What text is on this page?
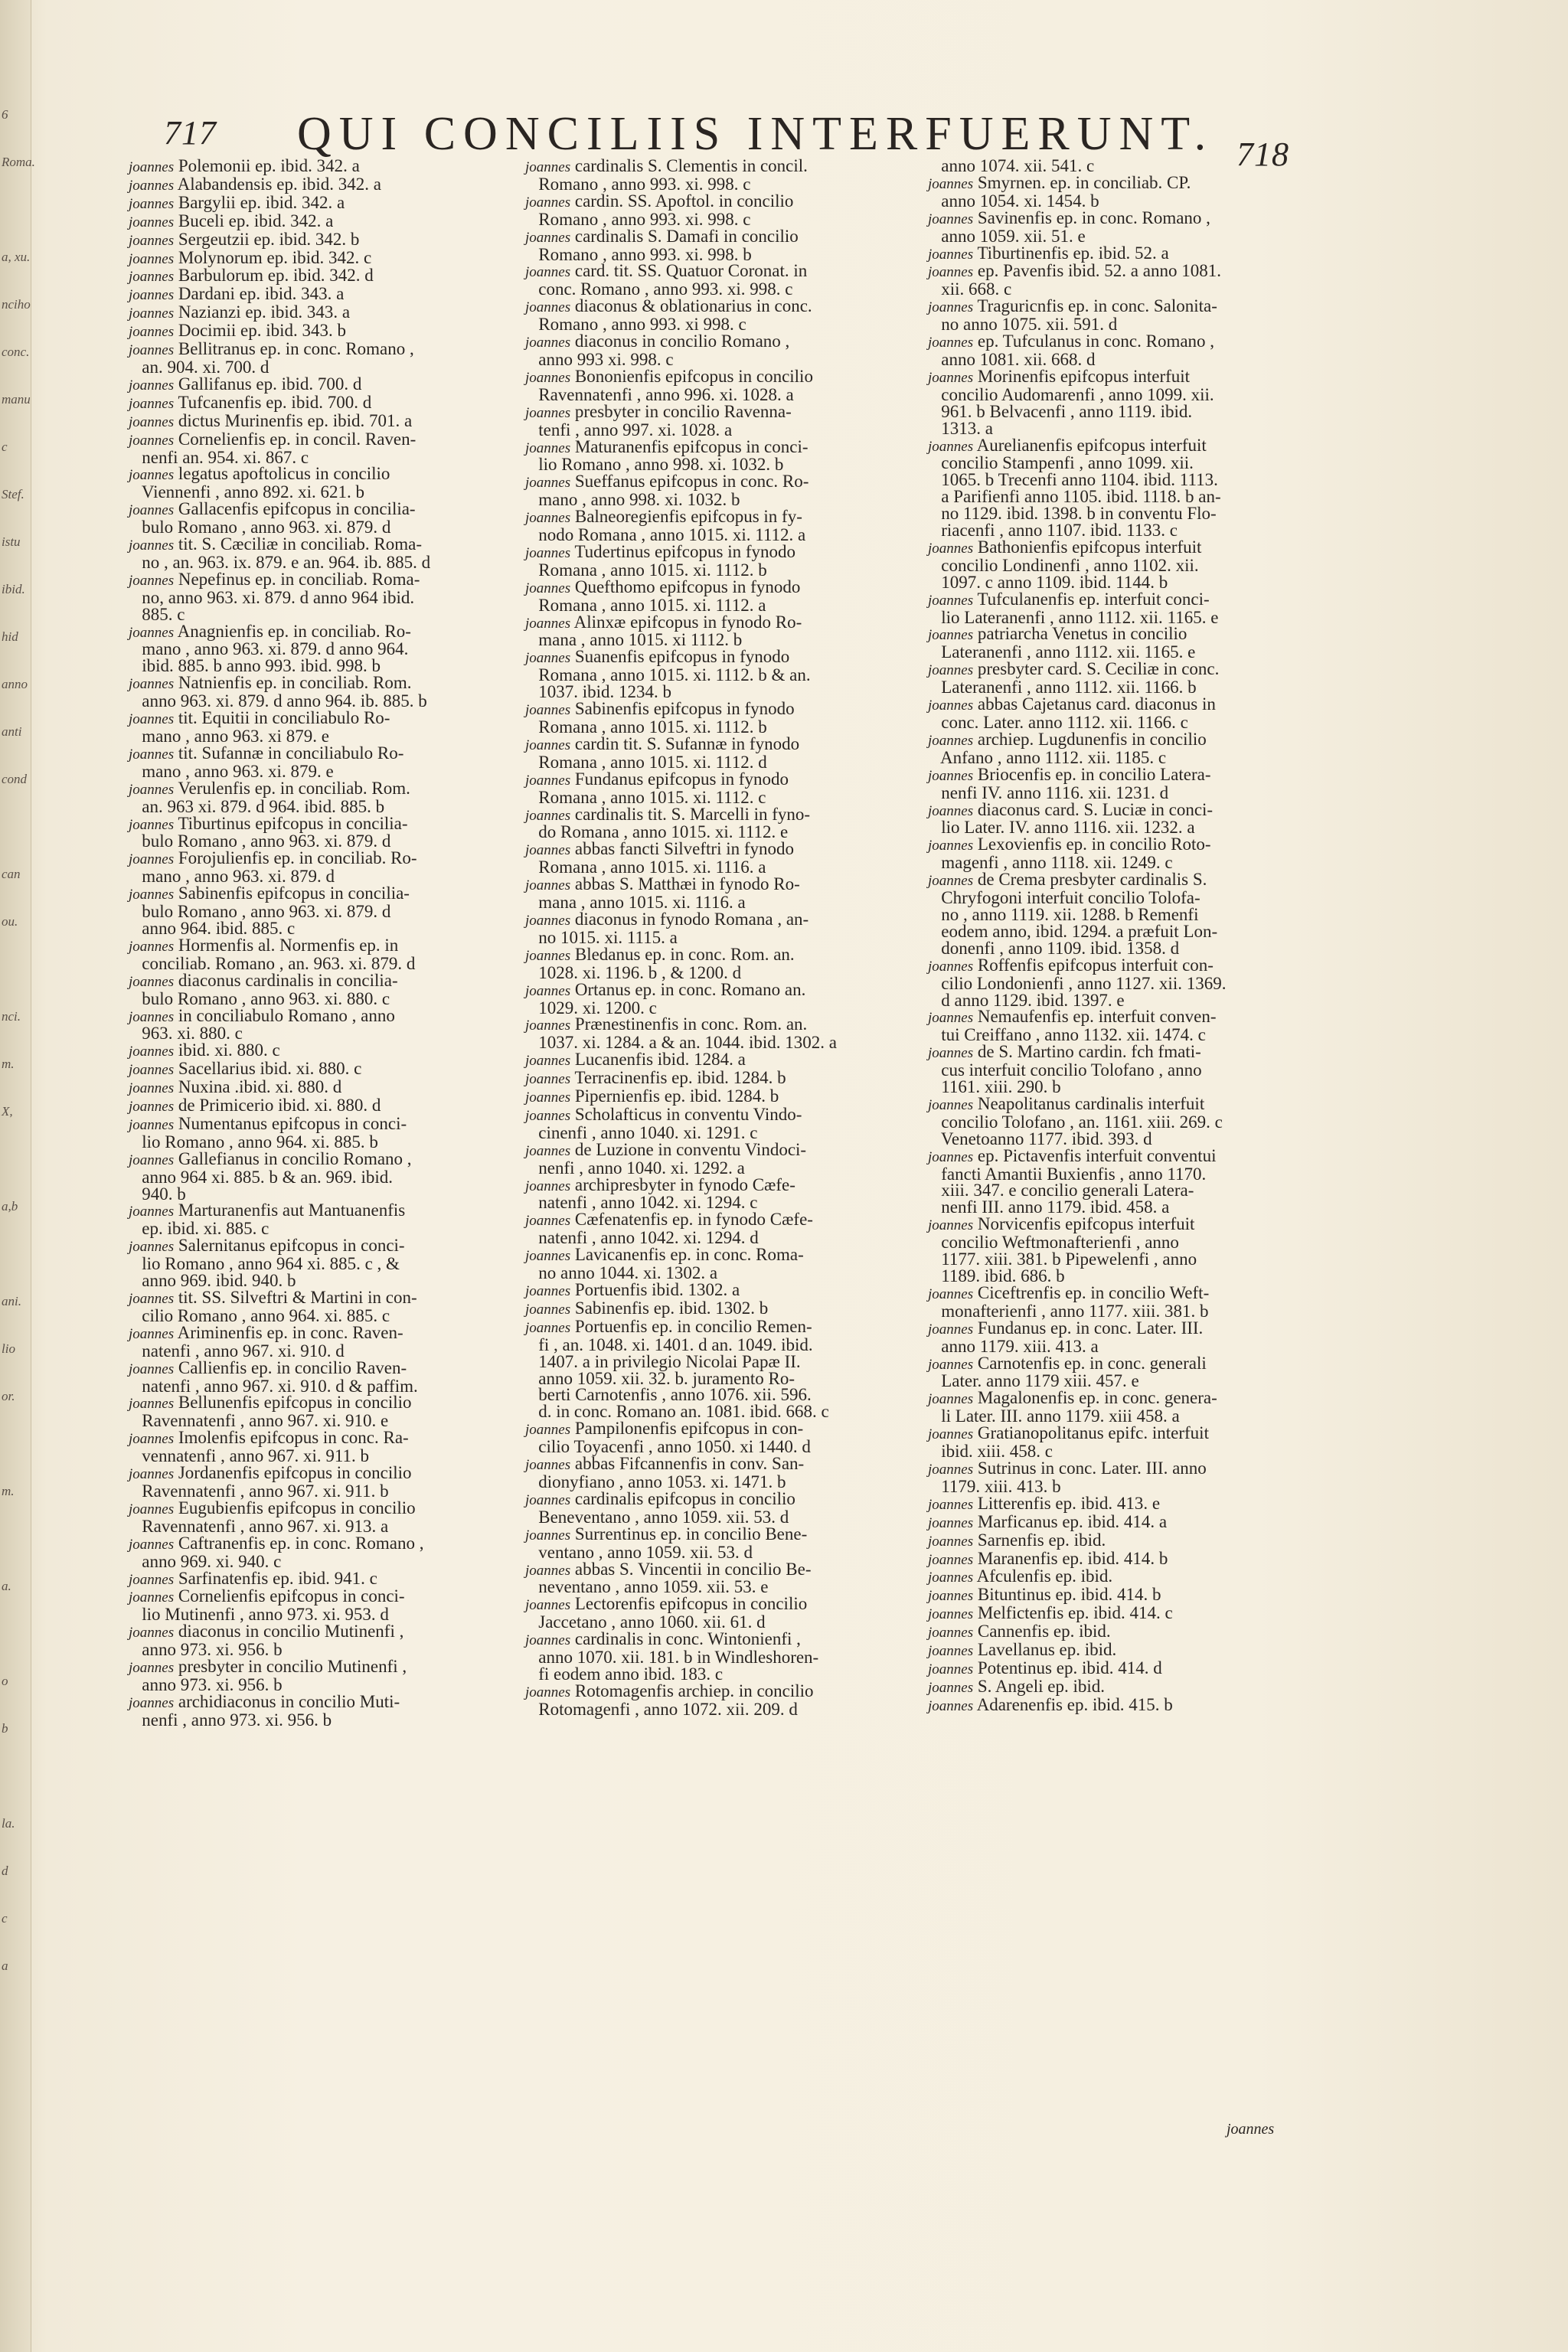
6
Roma.
a, xu.
nciho
conc.
manu
c
Stef.
istu
ibid.
hid
anno
anti
cond
can
ou.
nci.
m.
X,
a,b
ani.
lio
or.
m.
a.
o
b
la.
d
c
a
717 QUI CONCILIIS INTERFUERUNT. 718
joannes Polemonii ep. ibid. 342. a
joannes Alabandensis ep. ibid. 342. a
joannes Bargylii ep. ibid. 342. a
joannes Buceli ep. ibid. 342. a
joannes Sergeutzii ep. ibid. 342. b
joannes Molynorum ep. ibid. 342. c
joannes Barbulorum ep. ibid. 342. d
joannes Dardani ep. ibid. 343. a
joannes Nazianzi ep. ibid. 343. a
joannes Docimii ep. ibid. 343. b
joannes Bellitranus ep. in conc. Romano ,
an. 904. xi. 700. d
joannes Gallifanus ep. ibid. 700. d
joannes Tufcanenfis ep. ibid. 700. d
joannes dictus Murinenfis ep. ibid. 701. a
joannes Cornelienfis ep. in concil. Raven-
nenfi an. 954. xi. 867. c
joannes legatus apoftolicus in concilio
Viennenfi , anno 892. xi. 621. b
joannes Gallacenfis epifcopus in conciliа-
bulo Romano , anno 963. xi. 879. d
joannes tit. S. Cæciliæ in conciliab. Roma-
no , an. 963. ix. 879. e an. 964. ib. 885. d
joannes Nepefinus ep. in conciliab. Roma-
no, anno 963. xi. 879. d anno 964 ibid.
885. c
joannes Anagnienfis ep. in conciliab. Ro-
mano , anno 963. xi. 879. d anno 964.
ibid. 885. b anno 993. ibid. 998. b
joannes Natnienfis ep. in conciliab. Rom.
anno 963. xi. 879. d anno 964. ib. 885. b
joannes tit. Equitii in conciliabulo Ro-
mano , anno 963. xi 879. e
joannes tit. Sufannæ in conciliabulo Ro-
mano , anno 963. xi. 879. e
joannes Verulenfis ep. in conciliab. Rom.
an. 963 xi. 879. d 964. ibid. 885. b
joannes Tiburtinus epifcopus in concilia-
bulo Romano , anno 963. xi. 879. d
joannes Forojulienfis ep. in conciliab. Ro-
mano , anno 963. xi. 879. d
joannes Sabinenfis epifcopus in concilia-
bulo Romano , anno 963. xi. 879. d
anno 964. ibid. 885. c
joannes Hormenfis al. Normenfis ep. in
conciliab. Romano , an. 963. xi. 879. d
joannes diaconus cardinalis in concilia-
bulo Romano , anno 963. xi. 880. c
joannes in conciliabulo Romano , anno
963. xi. 880. c
joannes ibid. xi. 880. c
joannes Sacellarius ibid. xi. 880. c
joannes Nuxina .ibid. xi. 880. d
joannes de Primicerio ibid. xi. 880. d
joannes Numentanus epifcopus in conci-
lio Romano , anno 964. xi. 885. b
joannes Gallefianus in concilio Romano ,
anno 964 xi. 885. b & an. 969. ibid.
940. b
joannes Marturanenfis aut Mantuanenfis
ep. ibid. xi. 885. c
joannes Salernitanus epifcopus in conci-
lio Romano , anno 964 xi. 885. c , &
anno 969. ibid. 940. b
joannes tit. SS. Silveftri & Martini in con-
cilio Romano , anno 964. xi. 885. c
joannes Ariminenfis ep. in conc. Raven-
natenfi , anno 967. xi. 910. d
joannes Callienfis ep. in concilio Raven-
natenfi , anno 967. xi. 910. d & paffim.
joannes Bellunenfis epifcopus in concilio
Ravennatenfi , anno 967. xi. 910. e
joannes Imolenfis epifcopus in conc. Ra-
vennatenfi , anno 967. xi. 911. b
joannes Jordanenfis epifcopus in concilio
Ravennatenfi , anno 967. xi. 911. b
joannes Eugubienfis epifcopus in concilio
Ravennatenfi , anno 967. xi. 913. a
joannes Caftranenfis ep. in conc. Romano ,
anno 969. xi. 940. c
joannes Sarfinatenfis ep. ibid. 941. c
joannes Cornelienfis epifcopus in conci-
lio Mutinenfi , anno 973. xi. 953. d
joannes diaconus in concilio Mutinenfi ,
anno 973. xi. 956. b
joannes presbyter in concilio Mutinenfi ,
anno 973. xi. 956. b
joannes archidiaconus in concilio Muti-
nenfi , anno 973. xi. 956. b
joannes cardinalis S. Clementis in concil.
Romano , anno 993. xi. 998. c
joannes cardin. SS. Apoftol. in concilio
Romano , anno 993. xi. 998. c
joannes cardinalis S. Damafi in concilio
Romano , anno 993. xi. 998. b
joannes card. tit. SS. Quatuor Coronat. in
conc. Romano , anno 993. xi. 998. c
joannes diaconus & oblationarius in conc.
Romano , anno 993. xi 998. c
joannes diaconus in concilio Romano ,
anno 993 xi. 998. c
joannes Bononienfis epifcopus in concilio
Ravennatenfi , anno 996. xi. 1028. a
joannes presbyter in concilio Ravenna-
tenfi , anno 997. xi. 1028. a
joannes Maturanenfis epifcopus in conci-
lio Romano , anno 998. xi. 1032. b
joannes Sueffanus epifcopus in conc. Ro-
mano , anno 998. xi. 1032. b
joannes Balneoregienfis epifcopus in fy-
nodo Romana , anno 1015. xi. 1112. a
joannes Tudertinus epifcopus in fynodo
Romana , anno 1015. xi. 1112. b
joannes Quefthomo epifcopus in fynodo
Romana , anno 1015. xi. 1112. a
joannes Alinxæ epifcopus in fynodo Ro-
mana , anno 1015. xi 1112. b
joannes Suanenfis epifcopus in fynodo
Romana , anno 1015. xi. 1112. b & an.
1037. ibid. 1234. b
joannes Sabinenfis epifcopus in fynodo
Romana , anno 1015. xi. 1112. b
joannes cardin tit. S. Sufannæ in fynodo
Romana , anno 1015. xi. 1112. d
joannes Fundanus epifcopus in fynodo
Romana , anno 1015. xi. 1112. c
joannes cardinalis tit. S. Marcelli in fyno-
do Romana , anno 1015. xi. 1112. e
joannes abbas fancti Silveftri in fynodo
Romana , anno 1015. xi. 1116. a
joannes abbas S. Matthæi in fynodo Ro-
mana , anno 1015. xi. 1116. a
joannes diaconus in fynodo Romana , an-
no 1015. xi. 1115. a
joannes Bledanus ep. in conc. Rom. an.
1028. xi. 1196. b , & 1200. d
joannes Ortanus ep. in conc. Romano an.
1029. xi. 1200. c
joannes Prænestinenfis in conc. Rom. an.
1037. xi. 1284. a & an. 1044. ibid. 1302. a
joannes Lucanenfis ibid. 1284. a
joannes Terracinenfis ep. ibid. 1284. b
joannes Pipernienfis ep. ibid. 1284. b
joannes Scholafticus in conventu Vindo-
cinenfi , anno 1040. xi. 1291. c
joannes de Luzione in conventu Vindoci-
nenfi , anno 1040. xi. 1292. a
joannes archipresbyter in fynodo Cæfe-
natenfi , anno 1042. xi. 1294. c
joannes Cæfenatenfis ep. in fynodo Cæfe-
natenfi , anno 1042. xi. 1294. d
joannes Lavicanenfis ep. in conc. Roma-
no anno 1044. xi. 1302. a
joannes Portuenfis ibid. 1302. a
joannes Sabinenfis ep. ibid. 1302. b
joannes Portuenfis ep. in concilio Remen-
fi , an. 1048. xi. 1401. d an. 1049. ibid.
1407. a in privilegio Nicolai Papæ II.
anno 1059. xii. 32. b. juramento Ro-
berti Carnotenfis , anno 1076. xii. 596.
d. in conc. Romano an. 1081. ibid. 668. c
joannes Pampilonenfis epifcopus in con-
cilio Toyacenfi , anno 1050. xi 1440. d
joannes abbas Fifcannenfis in conv. San-
dionyfiano , anno 1053. xi. 1471. b
joannes cardinalis epifcopus in concilio
Beneventano , anno 1059. xii. 53. d
joannes Surrentinus ep. in concilio Bene-
ventano , anno 1059. xii. 53. d
joannes abbas S. Vincentii in concilio Be-
neventano , anno 1059. xii. 53. e
joannes Lectorenfis epifcopus in concilio
Jaccetano , anno 1060. xii. 61. d
joannes cardinalis in conc. Wintonienfi ,
anno 1070. xii. 181. b in Windleshoren-
fi eodem anno ibid. 183. c
joannes Rotomagenfis archiep. in concilio
Rotomagenfi , anno 1072. xii. 209. d
anno 1074. xii. 541. c
joannes Smyrnen. ep. in conciliab. CP.
anno 1054. xi. 1454. b
joannes Savinenfis ep. in conc. Romano ,
anno 1059. xii. 51. e
joannes Tiburtinenfis ep. ibid. 52. a
joannes ep. Pavenfis ibid. 52. a anno 1081.
xii. 668. c
joannes Traguricnfis ep. in conc. Salonita-
no anno 1075. xii. 591. d
joannes ep. Tufculanus in conc. Romano ,
anno 1081. xii. 668. d
joannes Morinenfis epifcopus interfuit
concilio Audomarenfi , anno 1099. xii.
961. b Belvacenfi , anno 1119. ibid.
1313. a
joannes Aurelianenfis epifcopus interfuit
concilio Stampenfi , anno 1099. xii.
1065. b Trecenfi anno 1104. ibid. 1113.
a Parifienfi anno 1105. ibid. 1118. b an-
no 1129. ibid. 1398. b in conventu Flo-
riacenfi , anno 1107. ibid. 1133. c
joannes Bathonienfis epifcopus interfuit
concilio Londinenfi , anno 1102. xii.
1097. c anno 1109. ibid. 1144. b
joannes Tufculanenfis ep. interfuit conci-
lio Lateranenfi , anno 1112. xii. 1165. e
joannes patriarcha Venetus in concilio
Lateranenfi , anno 1112. xii. 1165. e
joannes presbyter card. S. Ceciliæ in conc.
Lateranenfi , anno 1112. xii. 1166. b
joannes abbas Cajetanus card. diaconus in
conc. Later. anno 1112. xii. 1166. c
joannes archiep. Lugdunenfis in concilio
Anfano , anno 1112. xii. 1185. c
joannes Briocenfis ep. in concilio Latera-
nenfi IV. anno 1116. xii. 1231. d
joannes diaconus card. S. Luciæ in conci-
lio Later. IV. anno 1116. xii. 1232. a
joannes Lexovienfis ep. in concilio Roto-
magenfi , anno 1118. xii. 1249. c
joannes de Crema presbyter cardinalis S.
Chryfogoni interfuit concilio Tolofa-
no , anno 1119. xii. 1288. b Remenfi
eodem anno, ibid. 1294. a præfuit Lon-
donenfi , anno 1109. ibid. 1358. d
joannes Roffenfis epifcopus interfuit con-
cilio Londonienfi , anno 1127. xii. 1369.
d anno 1129. ibid. 1397. e
joannes Nemaufenfis ep. interfuit conven-
tui Creiffano , anno 1132. xii. 1474. c
joannes de S. Martino cardin. fch fmati-
cus interfuit concilio Tolofano , anno
1161. xiii. 290. b
joannes Neapolitanus cardinalis interfuit
concilio Tolofano , an. 1161. xiii. 269. c
Venetoanno 1177. ibid. 393. d
joannes ep. Pictavenfis interfuit conventui
fancti Amantii Buxienfis , anno 1170.
xiii. 347. e concilio generali Latera-
nenfi III. anno 1179. ibid. 458. a
joannes Norvicenfis epifcopus interfuit
concilio Weftmonafterienfi , anno
1177. xiii. 381. b Pipewelenfi , anno
1189. ibid. 686. b
joannes Ciceftrenfis ep. in concilio Weft-
monafterienfi , anno 1177. xiii. 381. b
joannes Fundanus ep. in conc. Later. III.
anno 1179. xiii. 413. a
joannes Carnotenfis ep. in conc. generali
Later. anno 1179 xiii. 457. e
joannes Magalonenfis ep. in conc. genera-
li Later. III. anno 1179. xiii 458. a
joannes Gratianopolitanus epifc. interfuit
ibid. xiii. 458. c
joannes Sutrinus in conc. Later. III. anno
1179. xiii. 413. b
joannes Litterenfis ep. ibid. 413. e
joannes Marficanus ep. ibid. 414. a
joannes Sarnenfis ep. ibid.
joannes Maranenfis ep. ibid. 414. b
joannes Afculenfis ep. ibid.
joannes Bituntinus ep. ibid. 414. b
joannes Melfictenfis ep. ibid. 414. c
joannes Cannenfis ep. ibid.
joannes Lavellanus ep. ibid.
joannes Potentinus ep. ibid. 414. d
joannes S. Angeli ep. ibid.
joannes Adarenenfis ep. ibid. 415. b
joannes
